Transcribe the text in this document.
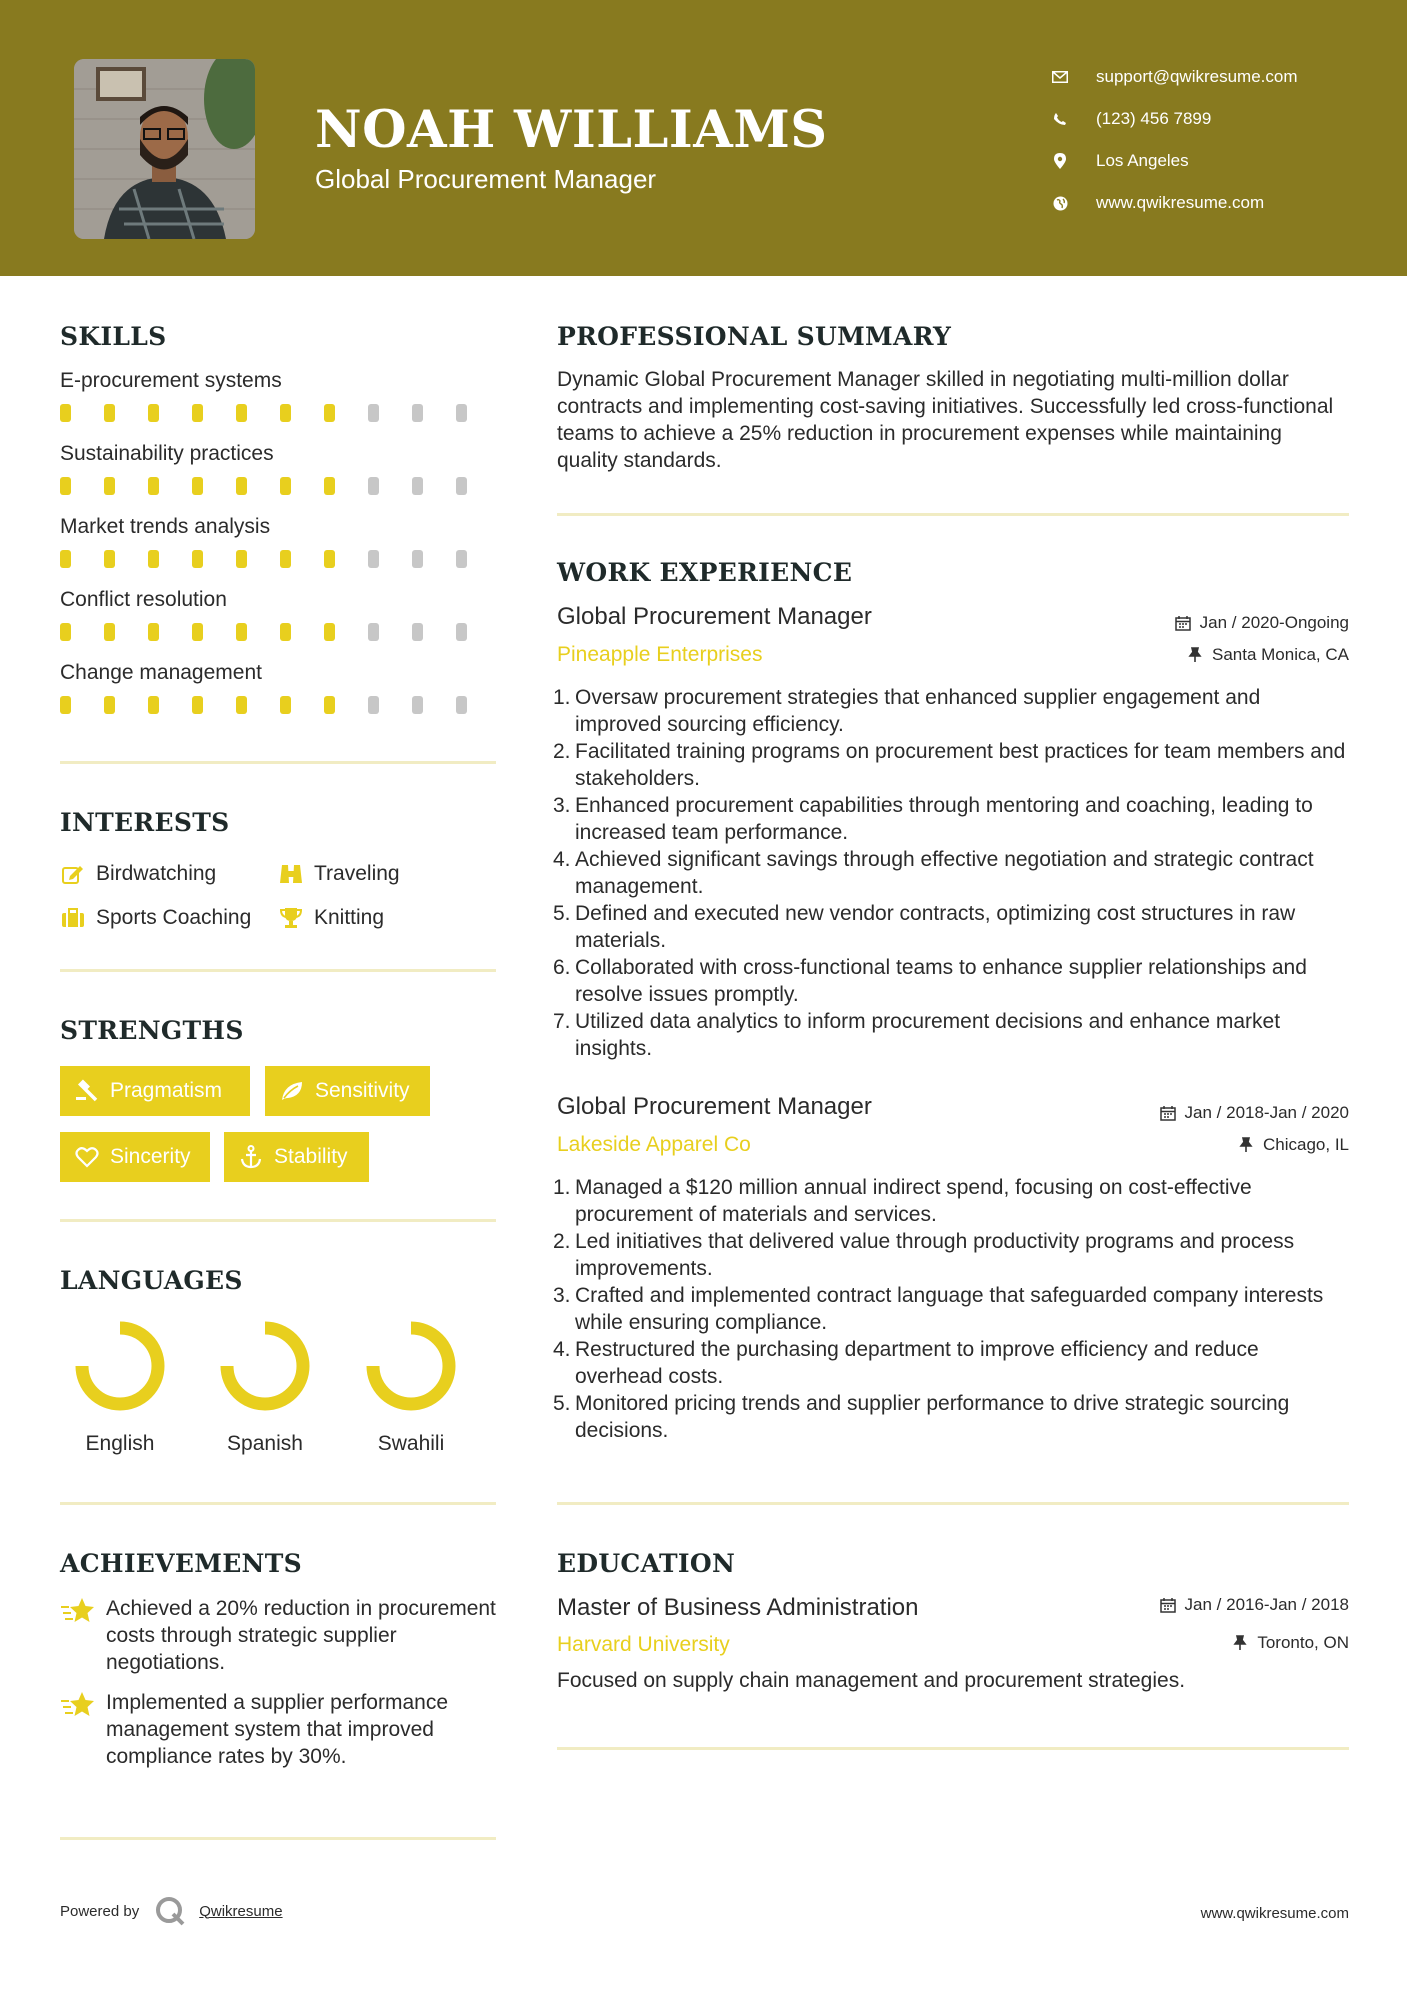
NOAH WILLIAMS
Global Procurement Manager
support@qwikresume.com
(123) 456 7899
Los Angeles
www.qwikresume.com
SKILLS
E-procurement systems
Sustainability practices
Market trends analysis
Conflict resolution
Change management
INTERESTS
Birdwatching	Traveling
Sports Coaching	Knitting
STRENGTHS
Pragmatism	Sensitivity
Sincerity	Stability
LANGUAGES
English	Spanish	Swahili
ACHIEVEMENTS
Achieved a 20% reduction in procurement costs through strategic supplier negotiations.
Implemented a supplier performance management system that improved compliance rates by 30%.
PROFESSIONAL SUMMARY
Dynamic Global Procurement Manager skilled in negotiating multi-million dollar contracts and implementing cost-saving initiatives. Successfully led cross-functional teams to achieve a 25% reduction in procurement expenses while maintaining quality standards.
WORK EXPERIENCE
Global Procurement Manager	Jan / 2020-Ongoing
Pineapple Enterprises	Santa Monica, CA
1. Oversaw procurement strategies that enhanced supplier engagement and improved sourcing efficiency.
2. Facilitated training programs on procurement best practices for team members and stakeholders.
3. Enhanced procurement capabilities through mentoring and coaching, leading to increased team performance.
4. Achieved significant savings through effective negotiation and strategic contract management.
5. Defined and executed new vendor contracts, optimizing cost structures in raw materials.
6. Collaborated with cross-functional teams to enhance supplier relationships and resolve issues promptly.
7. Utilized data analytics to inform procurement decisions and enhance market insights.
Global Procurement Manager	Jan / 2018-Jan / 2020
Lakeside Apparel Co	Chicago, IL
1. Managed a $120 million annual indirect spend, focusing on cost-effective procurement of materials and services.
2. Led initiatives that delivered value through productivity programs and process improvements.
3. Crafted and implemented contract language that safeguarded company interests while ensuring compliance.
4. Restructured the purchasing department to improve efficiency and reduce overhead costs.
5. Monitored pricing trends and supplier performance to drive strategic sourcing decisions.
EDUCATION
Master of Business Administration	Jan / 2016-Jan / 2018
Harvard University	Toronto, ON
Focused on supply chain management and procurement strategies.
Powered by	Qwikresume	www.qwikresume.com
